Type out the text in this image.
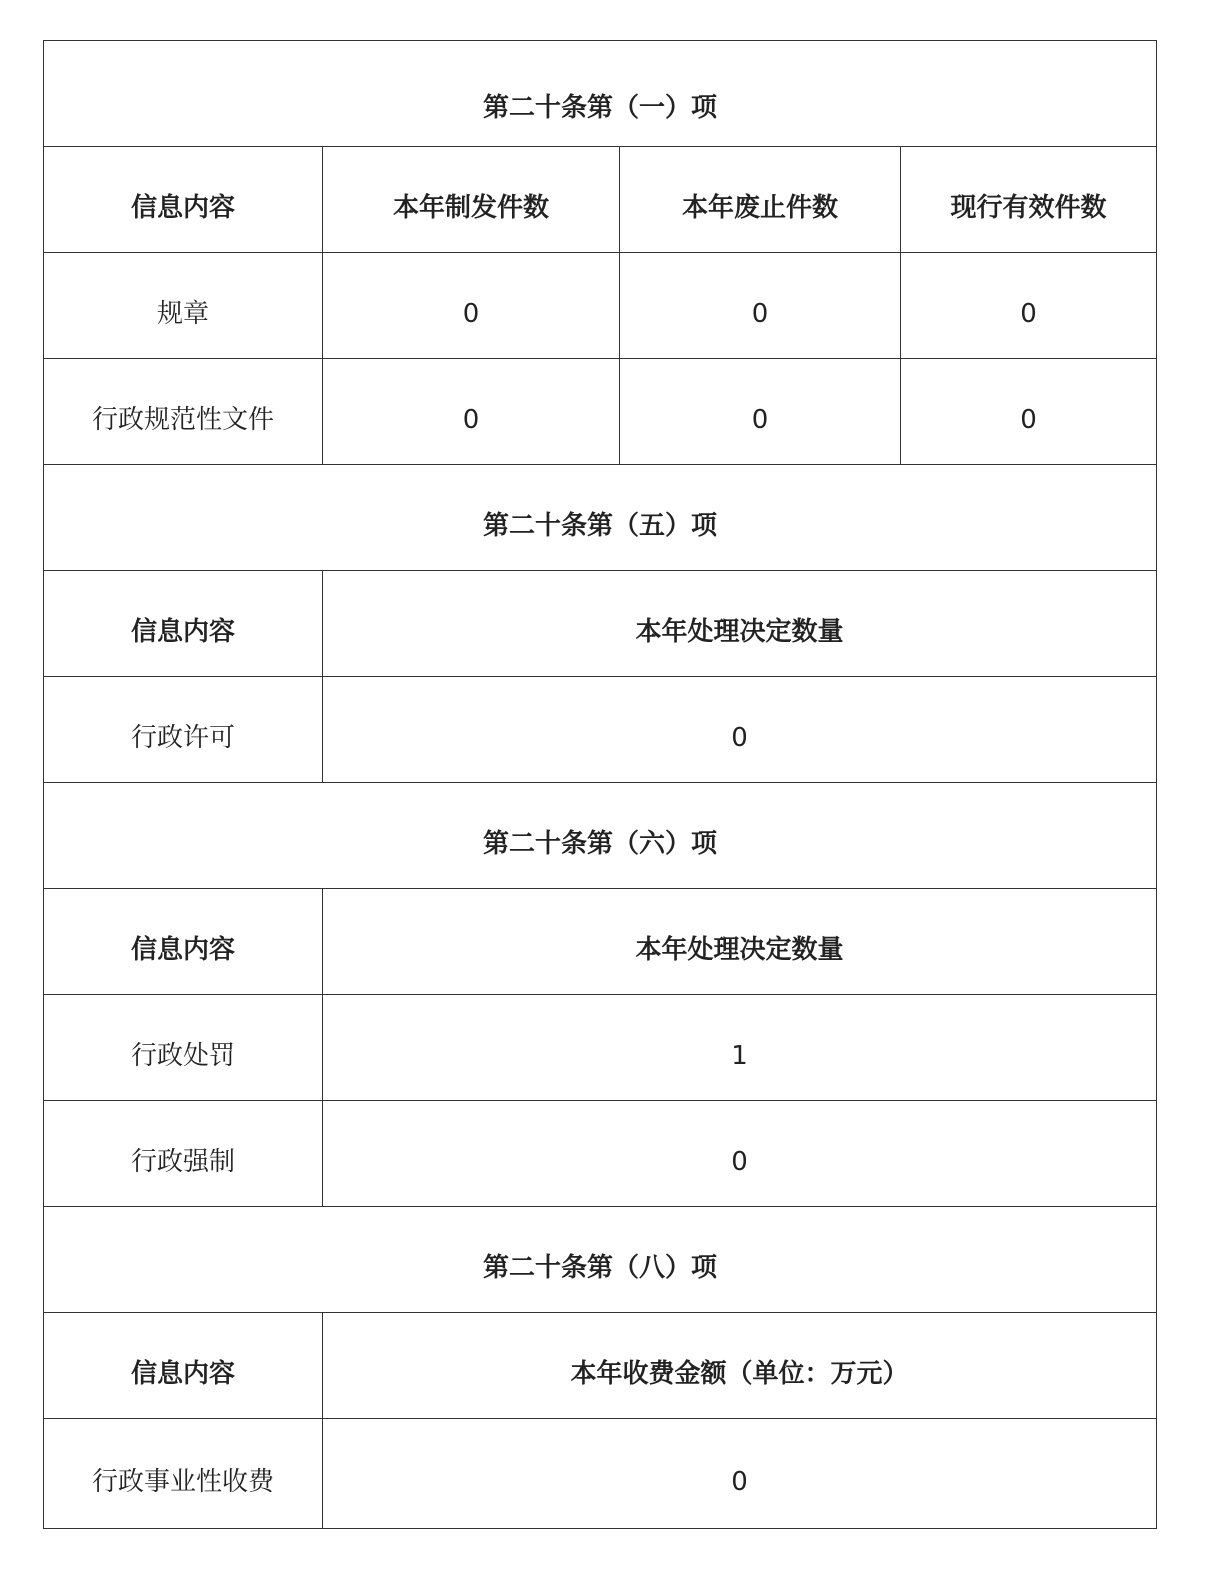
第二十条第（一）项			
信息内容	本年制发件数	本年废止件数	现行有效件数
规章	0	0	0
行政规范性文件	0	0	0
第二十条第（五）项			
信息内容	本年处理决定数量		
行政许可	0		
第二十条第（六）项			
信息内容	本年处理决定数量		
行政处罚	1		
行政强制	0		
第二十条第（八）项			
信息内容	本年收费金额（单位：万元）		
行政事业性收费	0		
